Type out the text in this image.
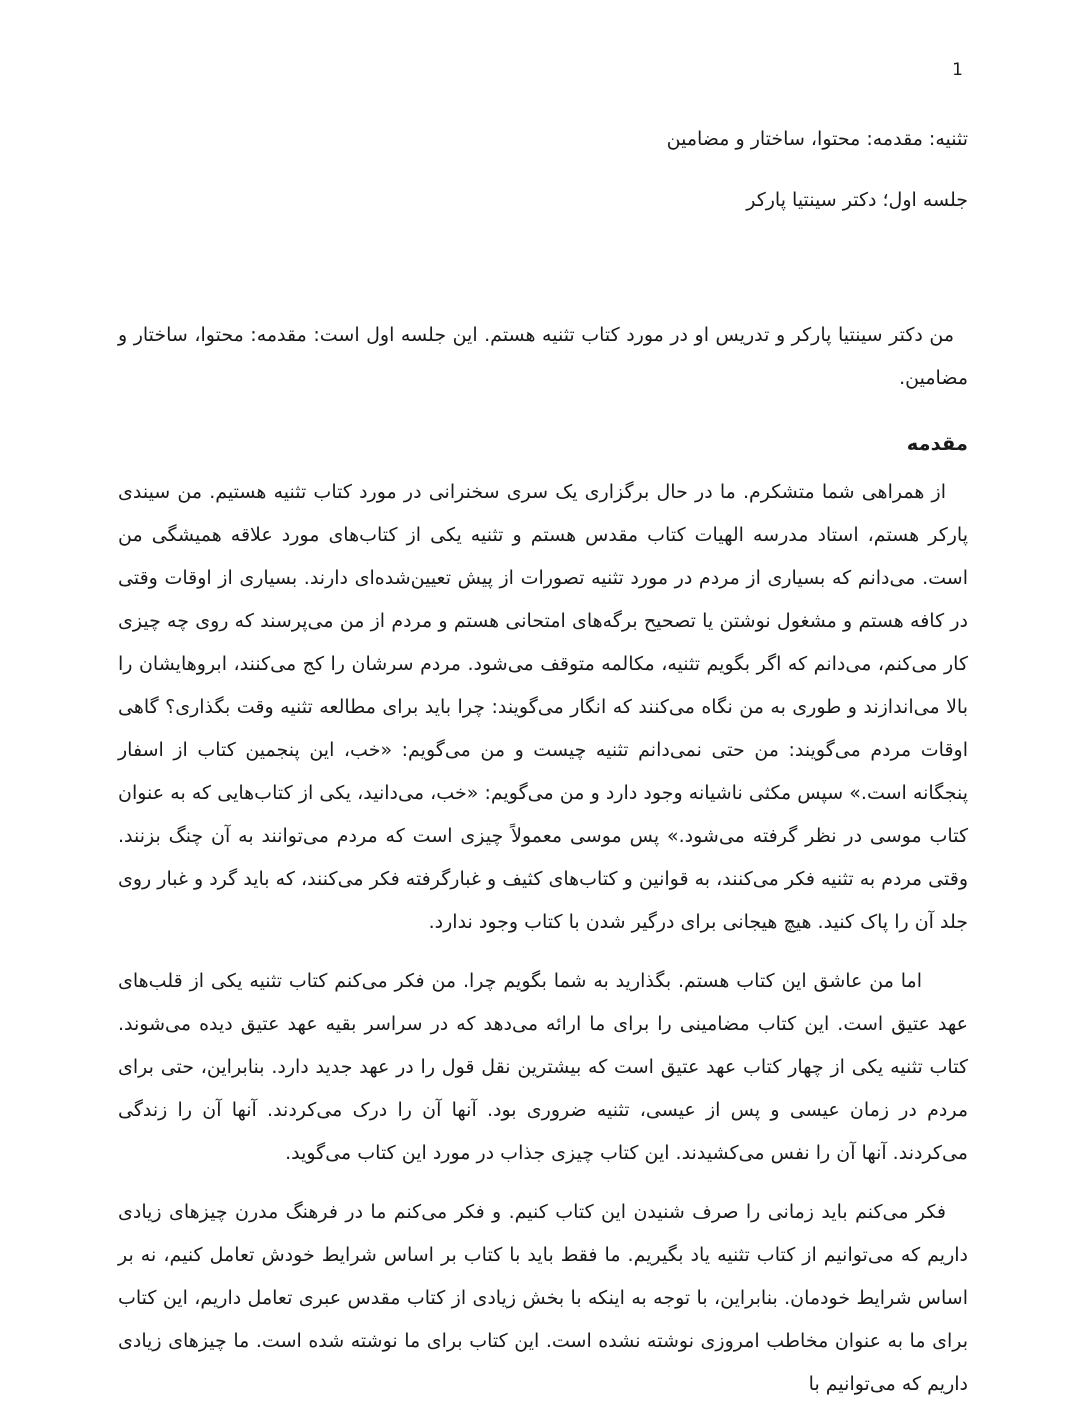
1

تثنیه: مقدمه: محتوا، ساختار و مضامین

جلسه اول؛ دکتر سینتیا پارکر

من دکتر سینتیا پارکر و تدریس او در مورد کتاب تثنیه هستم. این جلسه اول است: مقدمه: محتوا، ساختار و مضامین.

مقدمه

از همراهی شما متشکرم. ما در حال برگزاری یک سری سخنرانی در مورد کتاب تثنیه هستیم. من سیندی پارکر هستم، استاد مدرسه الهیات کتاب مقدس هستم و تثنیه یکی از کتاب‌های مورد علاقه همیشگی من است. می‌دانم که بسیاری از مردم در مورد تثنیه تصورات از پیش تعیین‌شده‌ای دارند. بسیاری از اوقات وقتی در کافه هستم و مشغول نوشتن یا تصحیح برگه‌های امتحانی هستم و مردم از من می‌پرسند که روی چه چیزی کار می‌کنم، می‌دانم که اگر بگویم تثنیه، مکالمه متوقف می‌شود. مردم سرشان را کج می‌کنند، ابروهایشان را بالا می‌اندازند و طوری به من نگاه می‌کنند که انگار می‌گویند: چرا باید برای مطالعه تثنیه وقت بگذاری؟ گاهی اوقات مردم می‌گویند: من حتی نمی‌دانم تثنیه چیست و من می‌گویم: «خب، این پنجمین کتاب از اسفار پنجگانه است.» سپس مکثی ناشیانه وجود دارد و من می‌گویم: «خب، می‌دانید، یکی از کتاب‌هایی که به عنوان کتاب موسی در نظر گرفته می‌شود.» پس موسی معمولاً چیزی است که مردم می‌توانند به آن چنگ بزنند. وقتی مردم به تثنیه فکر می‌کنند، به قوانین و کتاب‌های کثیف و غبارگرفته فکر می‌کنند، که باید گرد و غبار روی جلد آن را پاک کنید. هیچ هیجانی برای درگیر شدن با کتاب وجود ندارد.

اما من عاشق این کتاب هستم. بگذارید به شما بگویم چرا. من فکر می‌کنم کتاب تثنیه یکی از قلب‌های عهد عتیق است. این کتاب مضامینی را برای ما ارائه می‌دهد که در سراسر بقیه عهد عتیق دیده می‌شوند. کتاب تثنیه یکی از چهار کتاب عهد عتیق است که بیشترین نقل قول را در عهد جدید دارد. بنابراین، حتی برای مردم در زمان عیسی و پس از عیسی، تثنیه ضروری بود. آنها آن را درک می‌کردند. آنها آن را زندگی می‌کردند. آنها آن را نفس می‌کشیدند. این کتاب چیزی جذاب در مورد این کتاب می‌گوید.

فکر می‌کنم باید زمانی را صرف شنیدن این کتاب کنیم. و فکر می‌کنم ما در فرهنگ مدرن چیزهای زیادی داریم که می‌توانیم از کتاب تثنیه یاد بگیریم. ما فقط باید با کتاب بر اساس شرایط خودش تعامل کنیم، نه بر اساس شرایط خودمان. بنابراین، با توجه به اینکه با بخش زیادی از کتاب مقدس عبری تعامل داریم، این کتاب برای ما به عنوان مخاطب امروزی نوشته نشده است. این کتاب برای ما نوشته شده است. ما چیزهای زیادی داریم که می‌توانیم با
